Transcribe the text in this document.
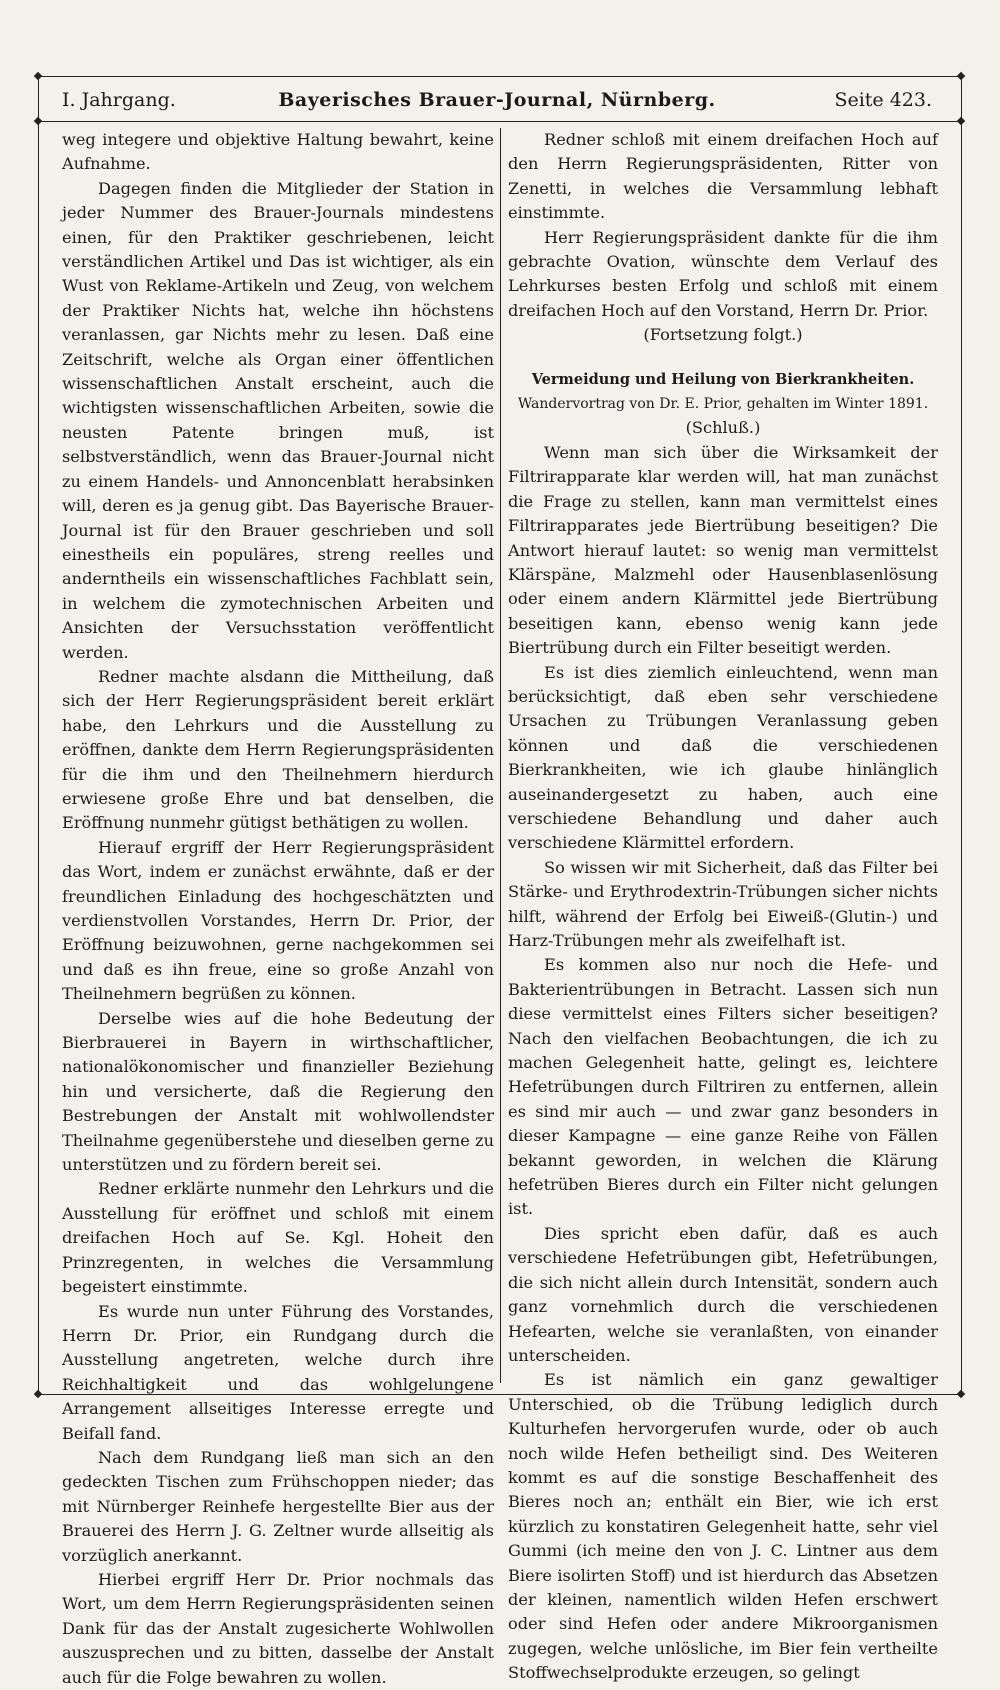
I. Jahrgang.	Bayerisches Brauer-Journal, Nürnberg.	Seite 423.

weg integere und objektive Haltung bewahrt, keine Aufnahme.

Dagegen finden die Mitglieder der Station in jeder Nummer des Brauer-Journals mindestens einen, für den Praktiker geschriebenen, leicht verständlichen Artikel und Das ist wichtiger, als ein Wust von Reklame-Artikeln und Zeug, von welchem der Praktiker Nichts hat, welche ihn höchstens veranlassen, gar Nichts mehr zu lesen. Daß eine Zeitschrift, welche als Organ einer öffentlichen wissenschaftlichen Anstalt erscheint, auch die wichtigsten wissenschaftlichen Arbeiten, sowie die neusten Patente bringen muß, ist selbstverständlich, wenn das Brauer-Journal nicht zu einem Handels- und Annoncenblatt herabsinken will, deren es ja genug gibt. Das Bayerische Brauer-Journal ist für den Brauer geschrieben und soll einestheils ein populäres, streng reelles und anderntheils ein wissenschaftliches Fachblatt sein, in welchem die zymotechnischen Arbeiten und Ansichten der Versuchsstation veröffentlicht werden.

Redner machte alsdann die Mittheilung, daß sich der Herr Regierungspräsident bereit erklärt habe, den Lehrkurs und die Ausstellung zu eröffnen, dankte dem Herrn Regierungspräsidenten für die ihm und den Theilnehmern hierdurch erwiesene große Ehre und bat denselben, die Eröffnung nunmehr gütigst bethätigen zu wollen.

Hierauf ergriff der Herr Regierungspräsident das Wort, indem er zunächst erwähnte, daß er der freundlichen Einladung des hochgeschätzten und verdienstvollen Vorstandes, Herrn Dr. Prior, der Eröffnung beizuwohnen, gerne nachgekommen sei und daß es ihn freue, eine so große Anzahl von Theilnehmern begrüßen zu können.

Derselbe wies auf die hohe Bedeutung der Bierbrauerei in Bayern in wirthschaftlicher, nationalökonomischer und finanzieller Beziehung hin und versicherte, daß die Regierung den Bestrebungen der Anstalt mit wohlwollendster Theilnahme gegenüberstehe und dieselben gerne zu unterstützen und zu fördern bereit sei.

Redner erklärte nunmehr den Lehrkurs und die Ausstellung für eröffnet und schloß mit einem dreifachen Hoch auf Se. Kgl. Hoheit den Prinzregenten, in welches die Versammlung begeistert einstimmte.

Es wurde nun unter Führung des Vorstandes, Herrn Dr. Prior, ein Rundgang durch die Ausstellung angetreten, welche durch ihre Reichhaltigkeit und das wohlgelungene Arrangement allseitiges Interesse erregte und Beifall fand.

Nach dem Rundgang ließ man sich an den gedeckten Tischen zum Frühschoppen nieder; das mit Nürnberger Reinhefe hergestellte Bier aus der Brauerei des Herrn J. G. Zeltner wurde allseitig als vorzüglich anerkannt.

Hierbei ergriff Herr Dr. Prior nochmals das Wort, um dem Herrn Regierungspräsidenten seinen Dank für das der Anstalt zugesicherte Wohlwollen auszusprechen und zu bitten, dasselbe der Anstalt auch für die Folge bewahren zu wollen.

Redner schloß mit einem dreifachen Hoch auf den Herrn Regierungspräsidenten, Ritter von Zenetti, in welches die Versammlung lebhaft einstimmte.

Herr Regierungspräsident dankte für die ihm gebrachte Ovation, wünschte dem Verlauf des Lehrkurses besten Erfolg und schloß mit einem dreifachen Hoch auf den Vorstand, Herrn Dr. Prior.

(Fortsetzung folgt.)

Vermeidung und Heilung von Bierkrankheiten.

Wandervortrag von Dr. E. Prior, gehalten im Winter 1891.

(Schluß.)

Wenn man sich über die Wirksamkeit der Filtrirapparate klar werden will, hat man zunächst die Frage zu stellen, kann man vermittelst eines Filtrirapparates jede Biertrübung beseitigen? Die Antwort hierauf lautet: so wenig man vermittelst Klärspäne, Malzmehl oder Hausenblasenlösung oder einem andern Klärmittel jede Biertrübung beseitigen kann, ebenso wenig kann jede Biertrübung durch ein Filter beseitigt werden.

Es ist dies ziemlich einleuchtend, wenn man berücksichtigt, daß eben sehr verschiedene Ursachen zu Trübungen Veranlassung geben können und daß die verschiedenen Bierkrankheiten, wie ich glaube hinlänglich auseinandergesetzt zu haben, auch eine verschiedene Behandlung und daher auch verschiedene Klärmittel erfordern.

So wissen wir mit Sicherheit, daß das Filter bei Stärke- und Erythrodextrin-Trübungen sicher nichts hilft, während der Erfolg bei Eiweiß-(Glutin-) und Harz-Trübungen mehr als zweifelhaft ist.

Es kommen also nur noch die Hefe- und Bakterientrübungen in Betracht. Lassen sich nun diese vermittelst eines Filters sicher beseitigen? Nach den vielfachen Beobachtungen, die ich zu machen Gelegenheit hatte, gelingt es, leichtere Hefetrübungen durch Filtriren zu entfernen, allein es sind mir auch — und zwar ganz besonders in dieser Kampagne — eine ganze Reihe von Fällen bekannt geworden, in welchen die Klärung hefetrüben Bieres durch ein Filter nicht gelungen ist.

Dies spricht eben dafür, daß es auch verschiedene Hefetrübungen gibt, Hefetrübungen, die sich nicht allein durch Intensität, sondern auch ganz vornehmlich durch die verschiedenen Hefearten, welche sie veranlaßten, von einander unterscheiden.

Es ist nämlich ein ganz gewaltiger Unterschied, ob die Trübung lediglich durch Kulturhefen hervorgerufen wurde, oder ob auch noch wilde Hefen betheiligt sind. Des Weiteren kommt es auf die sonstige Beschaffenheit des Bieres noch an; enthält ein Bier, wie ich erst kürzlich zu konstatiren Gelegenheit hatte, sehr viel Gummi (ich meine den von J. C. Lintner aus dem Biere isolirten Stoff) und ist hierdurch das Absetzen der kleinen, namentlich wilden Hefen erschwert oder sind Hefen oder andere Mikroorganismen zugegen, welche unlösliche, im Bier fein vertheilte Stoffwechselprodukte erzeugen, so gelingt
